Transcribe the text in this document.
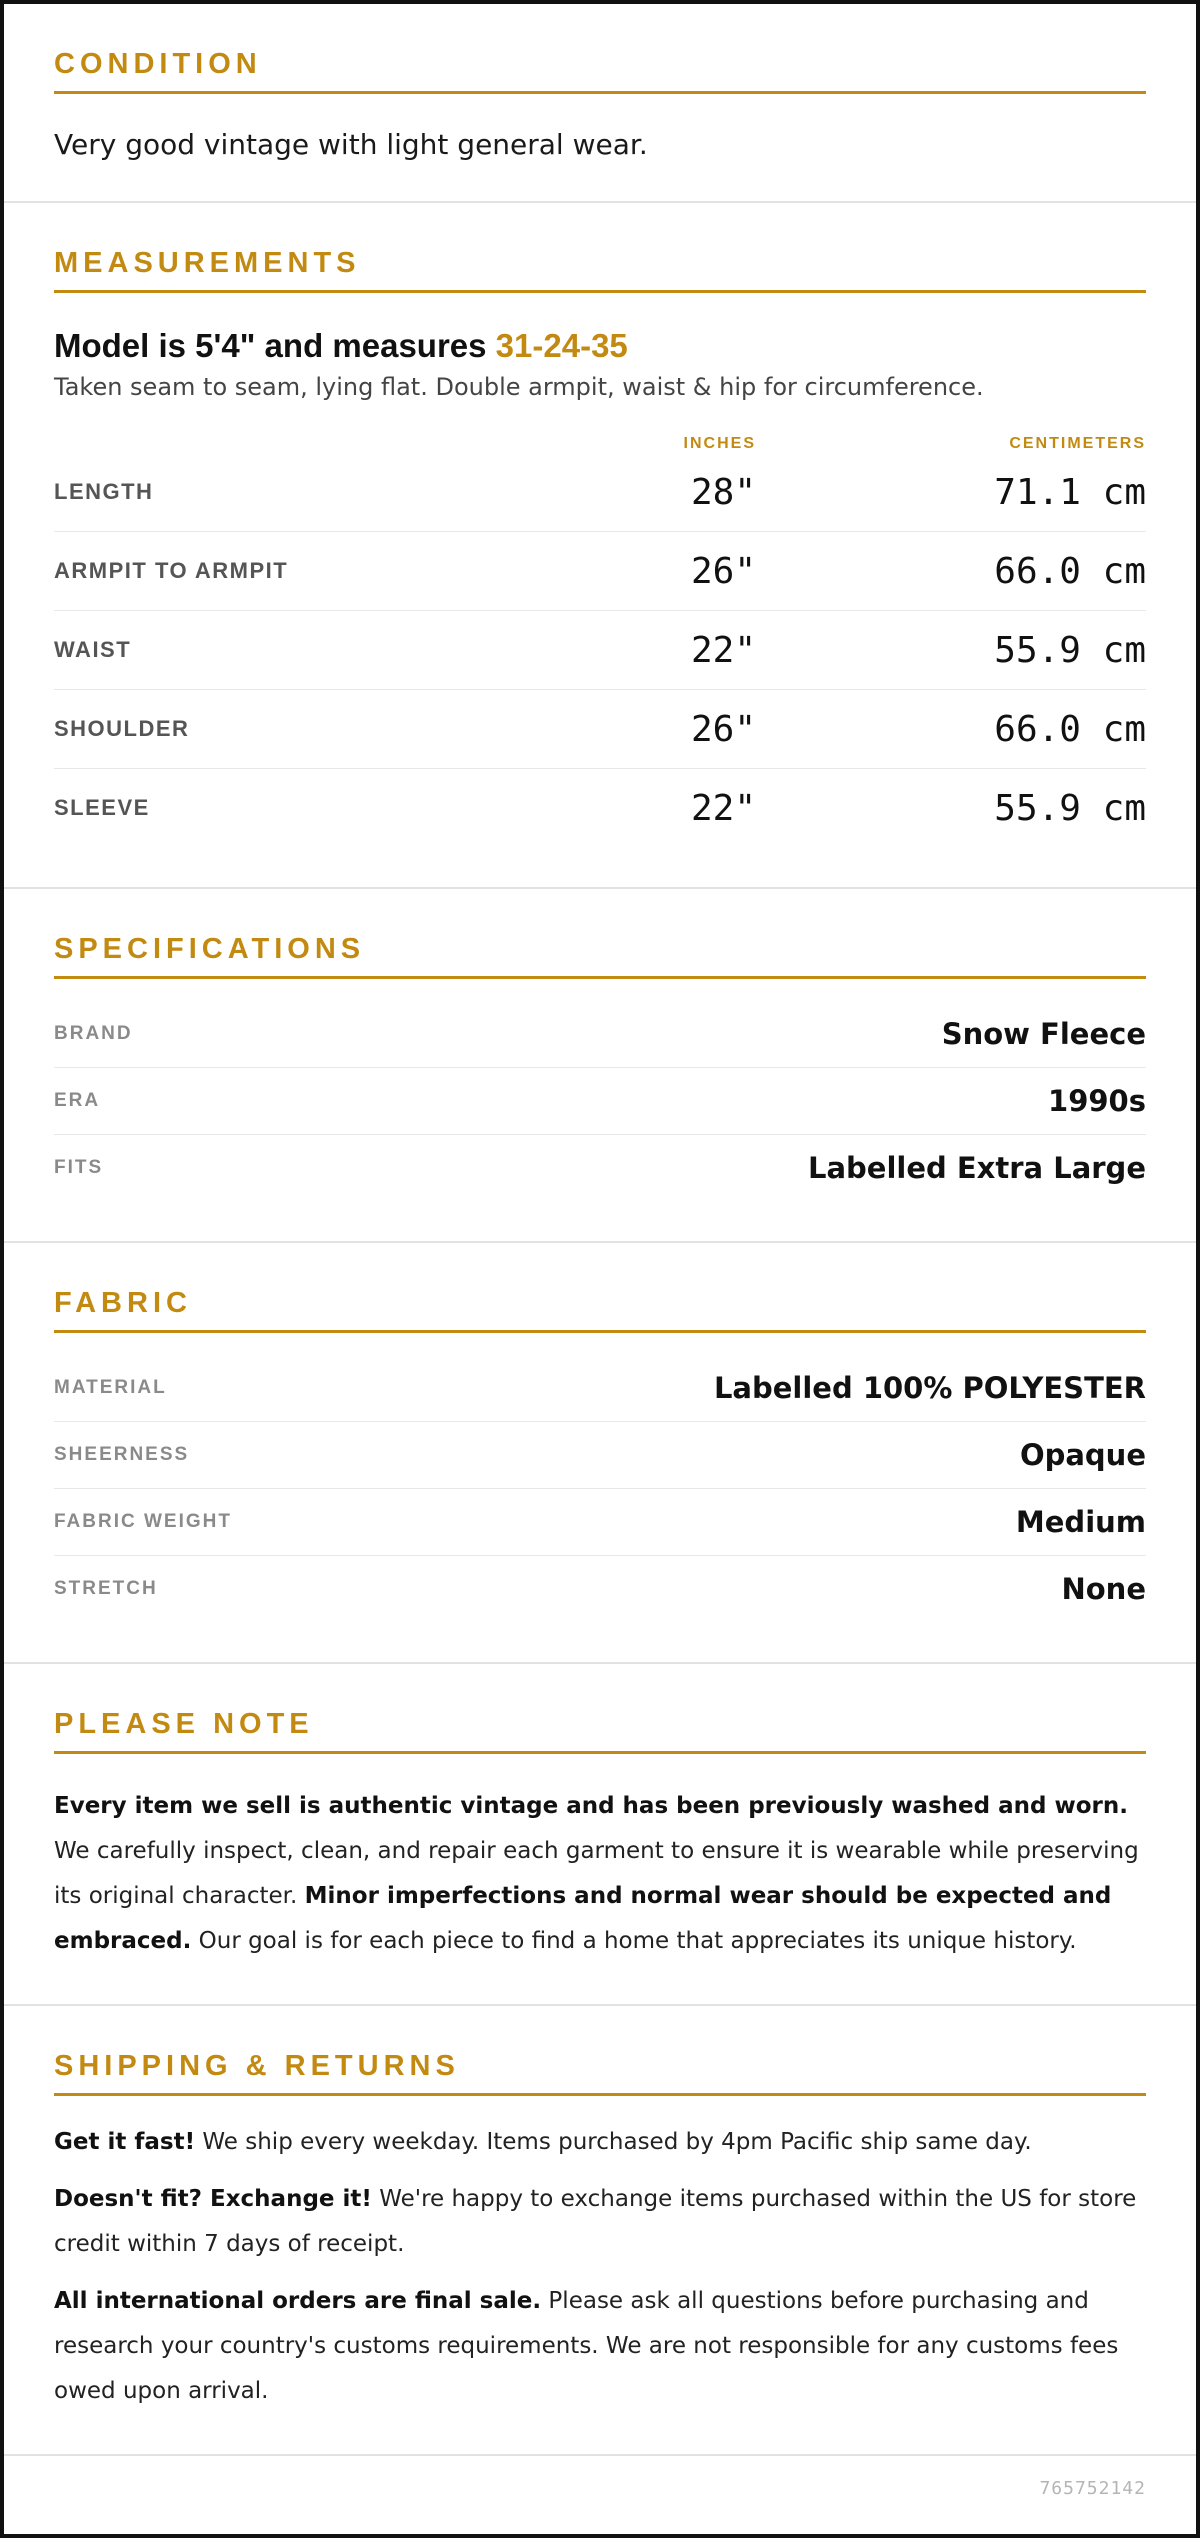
CONDITION
Very good vintage with light general wear.
MEASUREMENTS
Model is 5'4" and measures 31-24-35
Taken seam to seam, lying flat. Double armpit, waist & hip for circumference.
INCHES	CENTIMETERS
LENGTH	28"	71.1 cm
ARMPIT TO ARMPIT	26"	66.0 cm
WAIST	22"	55.9 cm
SHOULDER	26"	66.0 cm
SLEEVE	22"	55.9 cm
SPECIFICATIONS
BRAND	Snow Fleece
ERA	1990s
FITS	Labelled Extra Large
FABRIC
MATERIAL	Labelled 100% POLYESTER
SHEERNESS	Opaque
FABRIC WEIGHT	Medium
STRETCH	None
PLEASE NOTE

Every item we sell is authentic vintage and has been previously washed and worn. We carefully inspect, clean, and repair each garment to ensure it is wearable while preserving its original character. Minor imperfections and normal wear should be expected and embraced. Our goal is for each piece to find a home that appreciates its unique history.

SHIPPING & RETURNS

Get it fast! We ship every weekday. Items purchased by 4pm Pacific ship same day.

Doesn't fit? Exchange it! We're happy to exchange items purchased within the US for store credit within 7 days of receipt.

All international orders are final sale. Please ask all questions before purchasing and research your country's customs requirements. We are not responsible for any customs fees owed upon arrival.

765752142
